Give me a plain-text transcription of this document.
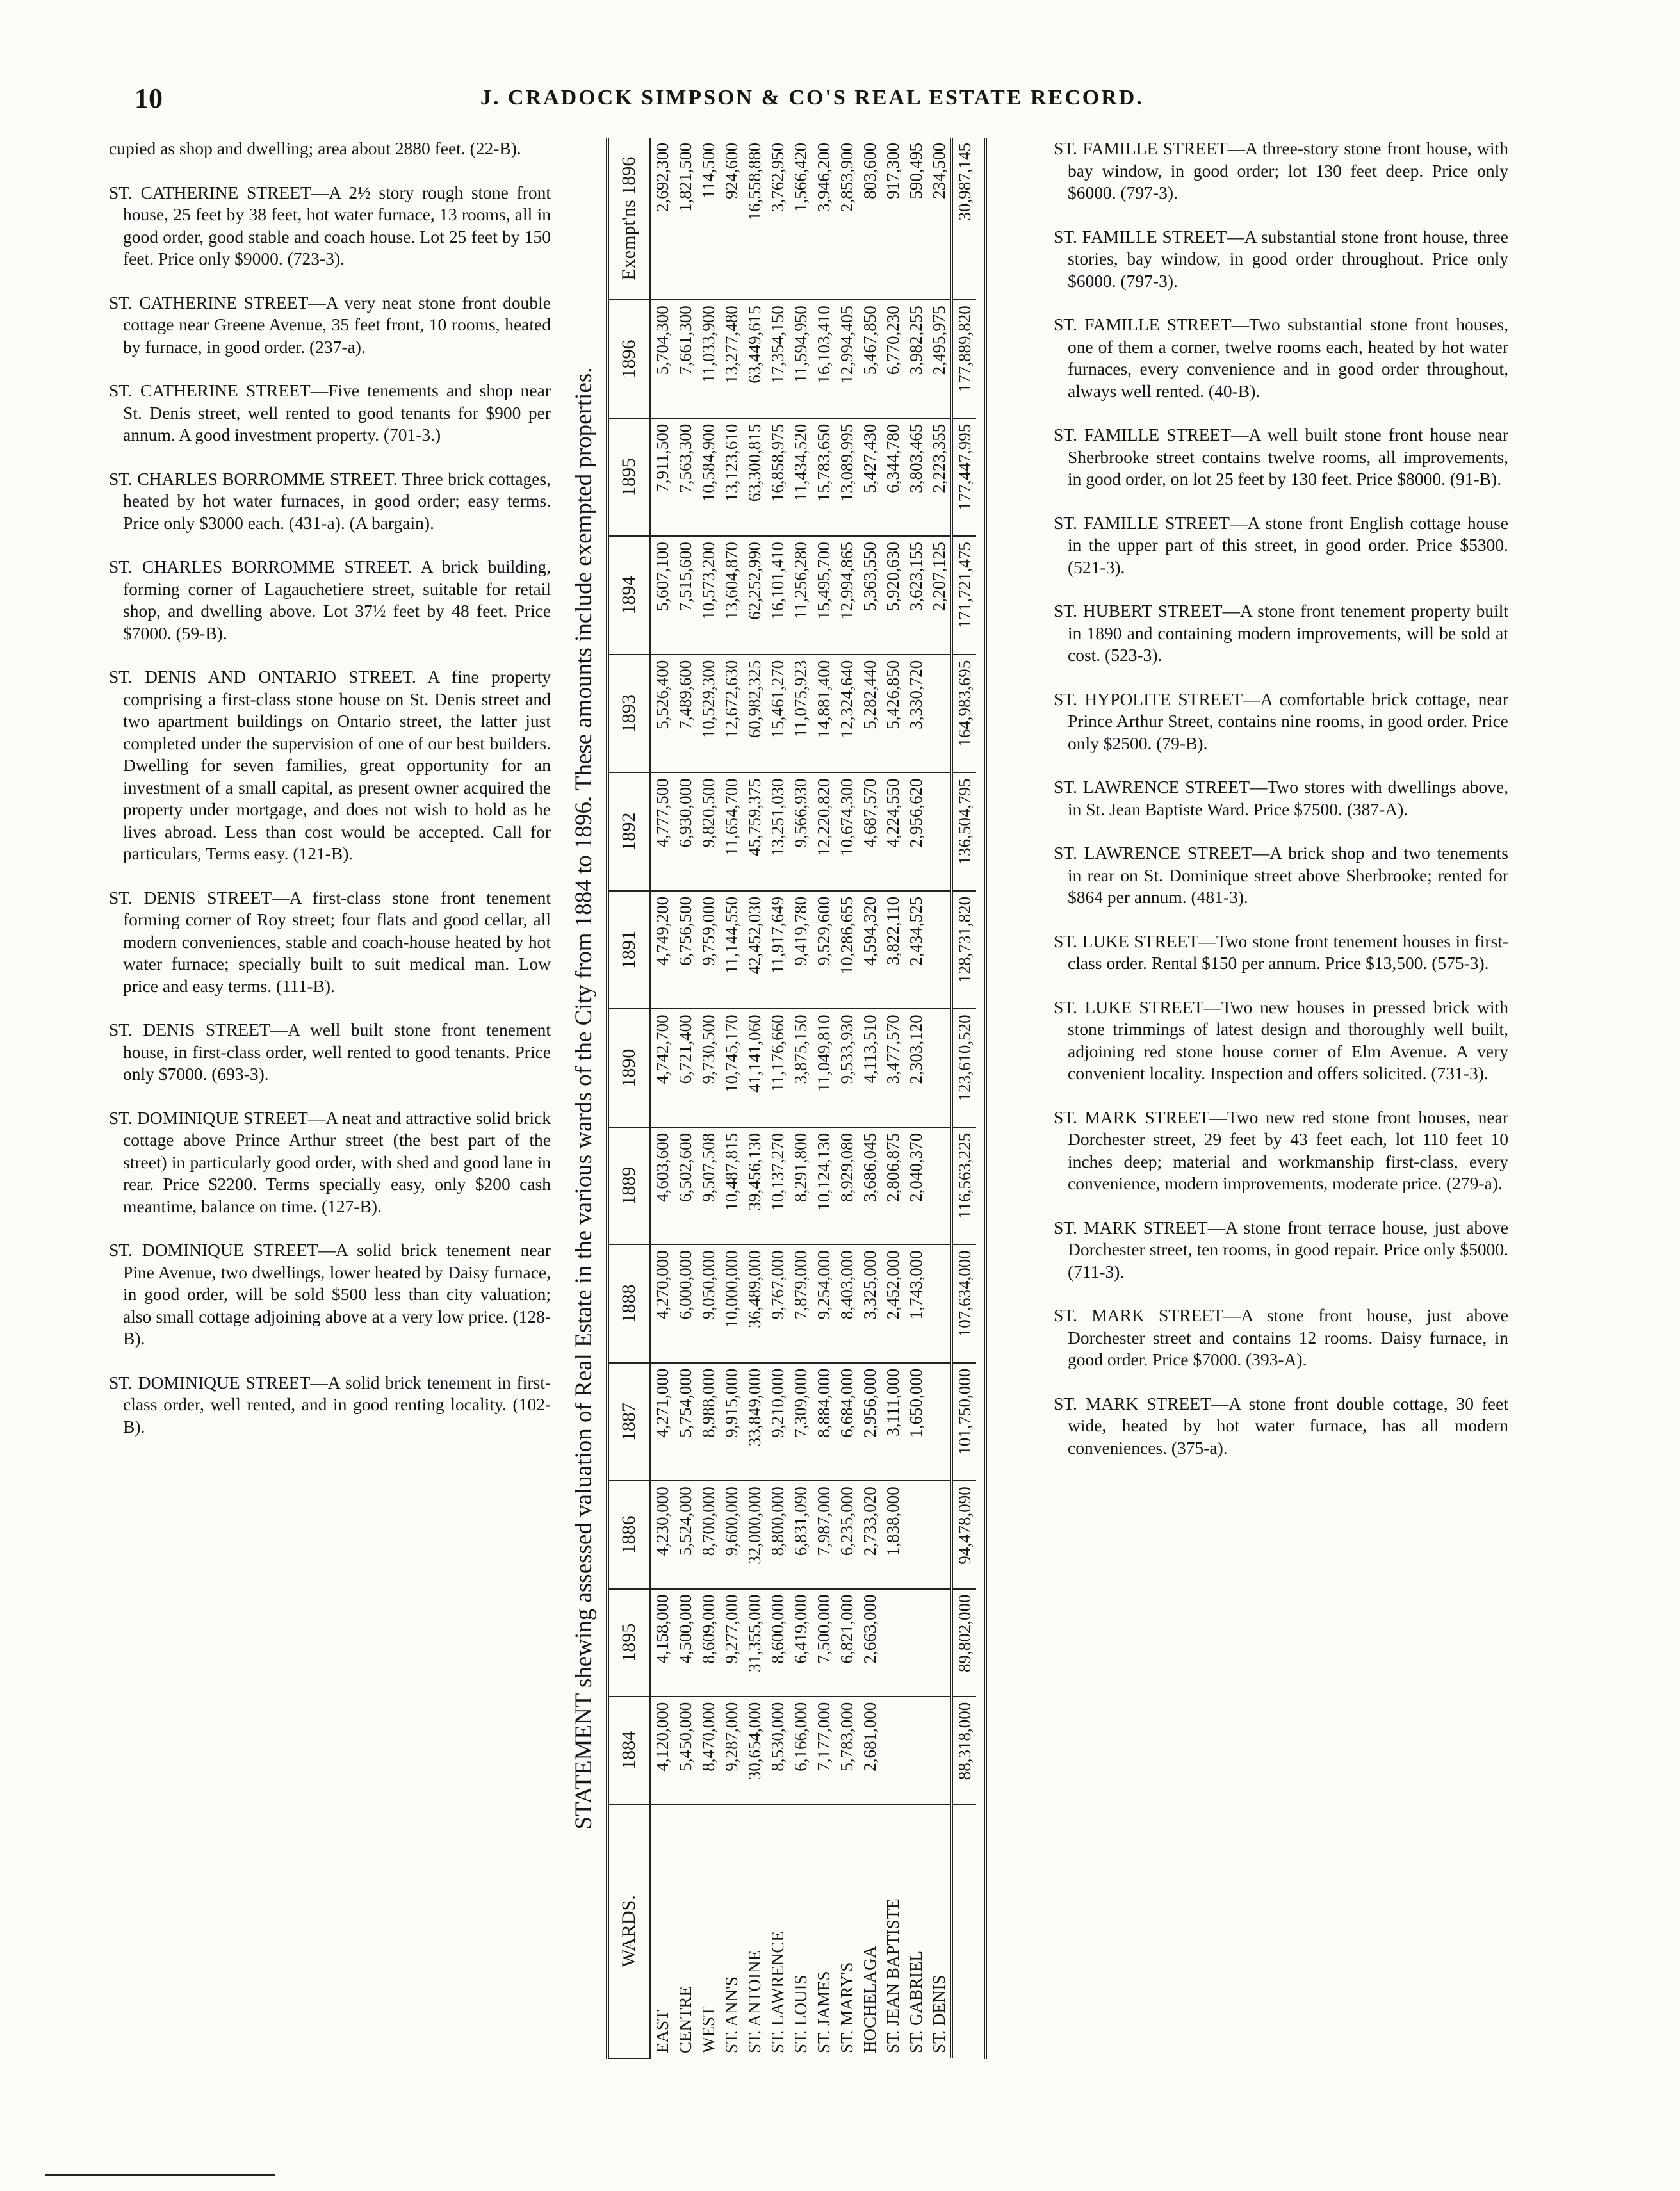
10	J. CRADOCK SIMPSON & CO'S REAL ESTATE RECORD.

cupied as shop and dwelling; area about 2880 feet. (22-B).

ST. CATHERINE STREET—A 2½ story rough stone front house, 25 feet by 38 feet, hot water furnace, 13 rooms, all in good order, good stable and coach house. Lot 25 feet by 150 feet. Price only $9000. (723-3).

ST. CATHERINE STREET—A very neat stone front double cottage near Greene Avenue, 35 feet front, 10 rooms, heated by furnace, in good order. (237-a).

ST. CATHERINE STREET—Five tenements and shop near St. Denis street, well rented to good tenants for $900 per annum. A good investment property. (701-3.)

ST. CHARLES BORROMME STREET. Three brick cottages, heated by hot water furnaces, in good order; easy terms. Price only $3000 each. (431-a). (A bargain).

ST. CHARLES BORROMME STREET. A brick building, forming corner of Lagauchetiere street, suitable for retail shop, and dwelling above. Lot 37½ feet by 48 feet. Price $7000. (59-B).

ST. DENIS AND ONTARIO STREET. A fine property comprising a first-class stone house on St. Denis street and two apartment buildings on Ontario street, the latter just completed under the supervision of one of our best builders. Dwelling for seven families, great opportunity for an investment of a small capital, as present owner acquired the property under mortgage, and does not wish to hold as he lives abroad. Less than cost would be accepted. Call for particulars, Terms easy. (121-B).

ST. DENIS STREET—A first-class stone front tenement forming corner of Roy street; four flats and good cellar, all modern conveniences, stable and coach-house heated by hot water furnace; specially built to suit medical man. Low price and easy terms. (111-B).

ST. DENIS STREET—A well built stone front tenement house, in first-class order, well rented to good tenants. Price only $7000. (693-3).

ST. DOMINIQUE STREET—A neat and attractive solid brick cottage above Prince Arthur street (the best part of the street) in particularly good order, with shed and good lane in rear. Price $2200. Terms specially easy, only $200 cash meantime, balance on time. (127-B).

ST. DOMINIQUE STREET—A solid brick tenement near Pine Avenue, two dwellings, lower heated by Daisy furnace, in good order, will be sold $500 less than city valuation; also small cottage adjoining above at a very low price. (128-B).

ST. DOMINIQUE STREET—A solid brick tenement in first-class order, well rented, and in good renting locality. (102-B).	STATEMENT shewing assessed valuation of Real Estate in the various wards of the City from 1884 to 1896. These amounts include exempted properties.
WARDS.	1884	1895	1886	1887	1888	1889	1890	1891	1892	1893	1894	1895	1896	Exempt'ns 1896
EAST	4,120,000	4,158,000	4,230,000	4,271,000	4,270,000	4,603,600	4,742,700	4,749,200	4,777,500	5,526,400	5,607,100	7,911,500	5,704,300	2,692,300
CENTRE	5,450,000	4,500,000	5,524,000	5,754,000	6,000,000	6,502,600	6,721,400	6,756,500	6,930,000	7,489,600	7,515,600	7,563,300	7,661,300	1,821,500
WEST	8,470,000	8,609,000	8,700,000	8,988,000	9,050,000	9,507,508	9,730,500	9,759,000	9,820,500	10,529,300	10,573,200	10,584,900	11,033,900	114,500
ST. ANN'S	9,287,000	9,277,000	9,600,000	9,915,000	10,000,000	10,487,815	10,745,170	11,144,550	11,654,700	12,672,630	13,604,870	13,123,610	13,277,480	924,600
ST. ANTOINE	30,654,000	31,355,000	32,000,000	33,849,000	36,489,000	39,456,130	41,141,060	42,452,030	45,759,375	60,982,325	62,252,990	63,300,815	63,449,615	16,558,880
ST. LAWRENCE	8,530,000	8,600,000	8,800,000	9,210,000	9,767,000	10,137,270	11,176,660	11,917,649	13,251,030	15,461,270	16,101,410	16,858,975	17,354,150	3,762,950
ST. LOUIS	6,166,000	6,419,000	6,831,090	7,309,000	7,879,000	8,291,800	3,875,150	9,419,780	9,566,930	11,075,923	11,256,280	11,434,520	11,594,950	1,566,420
ST. JAMES	7,177,000	7,500,000	7,987,000	8,884,000	9,254,000	10,124,130	11,049,810	9,529,600	12,220,820	14,881,400	15,495,700	15,783,650	16,103,410	3,946,200
ST. MARY'S	5,783,000	6,821,000	6,235,000	6,684,000	8,403,000	8,929,080	9,533,930	10,286,655	10,674,300	12,324,640	12,994,865	13,089,995	12,994,405	2,853,900
HOCHELAGA	2,681,000	2,663,000	2,733,020	2,956,000	3,325,000	3,686,045	4,113,510	4,594,320	4,687,570	5,282,440	5,363,550	5,427,430	5,467,850	803,600
ST. JEAN BAPTISTE			1,838,000	3,111,000	2,452,000	2,806,875	3,477,570	3,822,110	4,224,550	5,426,850	5,920,630	6,344,780	6,770,230	917,300
ST. GABRIEL				1,650,000	1,743,000	2,040,370	2,303,120	2,434,525	2,956,620	3,330,720	3,623,155	3,803,465	3,982,255	590,495
ST. DENIS											2,207,125	2,223,355	2,495,975	234,500
	88,318,000	89,802,000	94,478,090	101,750,000	107,634,000	116,563,225	123,610,520	128,731,820	136,504,795	164,983,695	171,721,475	177,447,995	177,889,820	30,987,145	ST. FAMILLE STREET—A three-story stone front house, with bay window, in good order; lot 130 feet deep. Price only $6000. (797-3).

ST. FAMILLE STREET—A substantial stone front house, three stories, bay window, in good order throughout. Price only $6000. (797-3).

ST. FAMILLE STREET—Two substantial stone front houses, one of them a corner, twelve rooms each, heated by hot water furnaces, every convenience and in good order throughout, always well rented. (40-B).

ST. FAMILLE STREET—A well built stone front house near Sherbrooke street contains twelve rooms, all improvements, in good order, on lot 25 feet by 130 feet. Price $8000. (91-B).

ST. FAMILLE STREET—A stone front English cottage house in the upper part of this street, in good order. Price $5300. (521-3).

ST. HUBERT STREET—A stone front tenement property built in 1890 and containing modern improvements, will be sold at cost. (523-3).

ST. HYPOLITE STREET—A comfortable brick cottage, near Prince Arthur Street, contains nine rooms, in good order. Price only $2500. (79-B).

ST. LAWRENCE STREET—Two stores with dwellings above, in St. Jean Baptiste Ward. Price $7500. (387-A).

ST. LAWRENCE STREET—A brick shop and two tenements in rear on St. Dominique street above Sherbrooke; rented for $864 per annum. (481-3).

ST. LUKE STREET—Two stone front tenement houses in first-class order. Rental $150 per annum. Price $13,500. (575-3).

ST. LUKE STREET—Two new houses in pressed brick with stone trimmings of latest design and thoroughly well built, adjoining red stone house corner of Elm Avenue. A very convenient locality. Inspection and offers solicited. (731-3).

ST. MARK STREET—Two new red stone front houses, near Dorchester street, 29 feet by 43 feet each, lot 110 feet 10 inches deep; material and workmanship first-class, every convenience, modern improvements, moderate price. (279-a).

ST. MARK STREET—A stone front terrace house, just above Dorchester street, ten rooms, in good repair. Price only $5000. (711-3).

ST. MARK STREET—A stone front house, just above Dorchester street and contains 12 rooms. Daisy furnace, in good order. Price $7000. (393-A).

ST. MARK STREET—A stone front double cottage, 30 feet wide, heated by hot water furnace, has all modern conveniences. (375-a).
